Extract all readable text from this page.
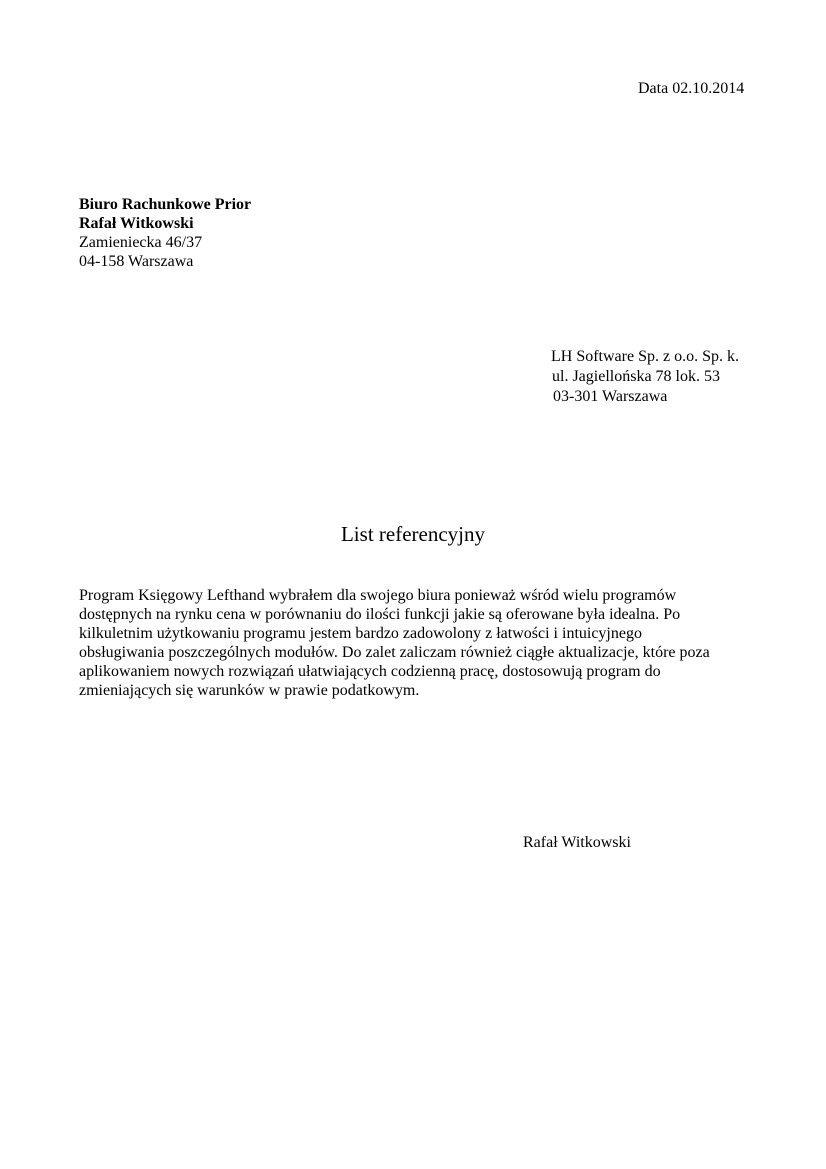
Data 02.10.2014
Biuro Rachunkowe Prior
Rafał Witkowski
Zamieniecka 46/37
04-158 Warszawa
LH Software Sp. z o.o. Sp. k.
ul. Jagiellońska 78 lok. 53
03-301 Warszawa
List referencyjny
Program Księgowy Lefthand wybrałem dla swojego biura ponieważ wśród wielu programów
dostępnych na rynku cena w porównaniu do ilości funkcji jakie są oferowane była idealna. Po
kilkuletnim użytkowaniu programu jestem bardzo zadowolony z łatwości i intuicyjnego
obsługiwania poszczególnych modułów. Do zalet zaliczam również ciągłe aktualizacje, które poza
aplikowaniem nowych rozwiązań ułatwiających codzienną pracę, dostosowują program do
zmieniających się warunków w prawie podatkowym.
Rafał Witkowski
